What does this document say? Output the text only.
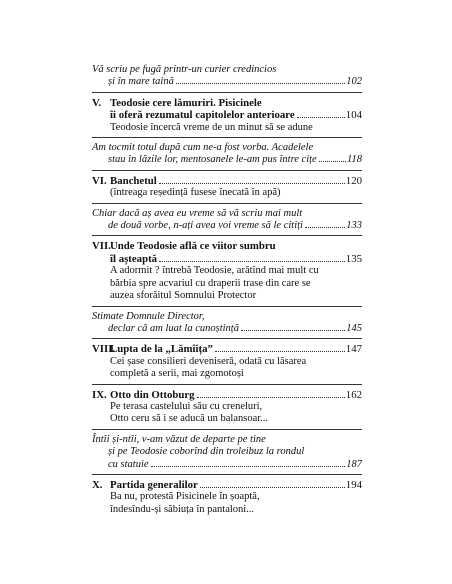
Vă scriu pe fugă printr-un curier credincios
și în mare taină	102
V. Teodosie cere lămuriri. Pisicinele
îi oferă rezumatul capitolelor anterioare	104
Teodosie încercă vreme de un minut să se adune
Am tocmit totul după cum ne-a fost vorba. Acadelele
stau în lăzile lor, mentosanele le-am pus între cițe	118
VI. Banchetul	120
(întreaga reședință fusese înecată în apă)
Chiar dacă aș avea eu vreme să vă scriu mai mult
de două vorbe, n-ați avea voi vreme să le citiți	133
VII. Unde Teodosie află ce viitor sumbru
îl așteaptă	135
A adormit ? întrebă Teodosie, arătînd mai mult cu
bărbia spre acvariul cu draperii trase din care se
auzea sforăitul Somnului Protector
Stimate Domnule Director,
declar că am luat la cunoștință	145
VIII.
Lupta de la „Lămîița”	147
Cei șase consilieri deveniseră, odată cu lăsarea
completă a serii, mai zgomotoși
IX. Otto din Ottoburg	162
Pe terasa castelului său cu creneluri,
Otto ceru să i se aducă un balansoar...
Întîi și-ntîi, v-am văzut de departe pe tine
și pe Teodosie coborînd din troleibuz la rondul
cu statuie	187
X. Partida generalilor	194
Ba nu, protestă Pisicinele în șoaptă,
îndesîndu-și săbiuța în pantaloni...
